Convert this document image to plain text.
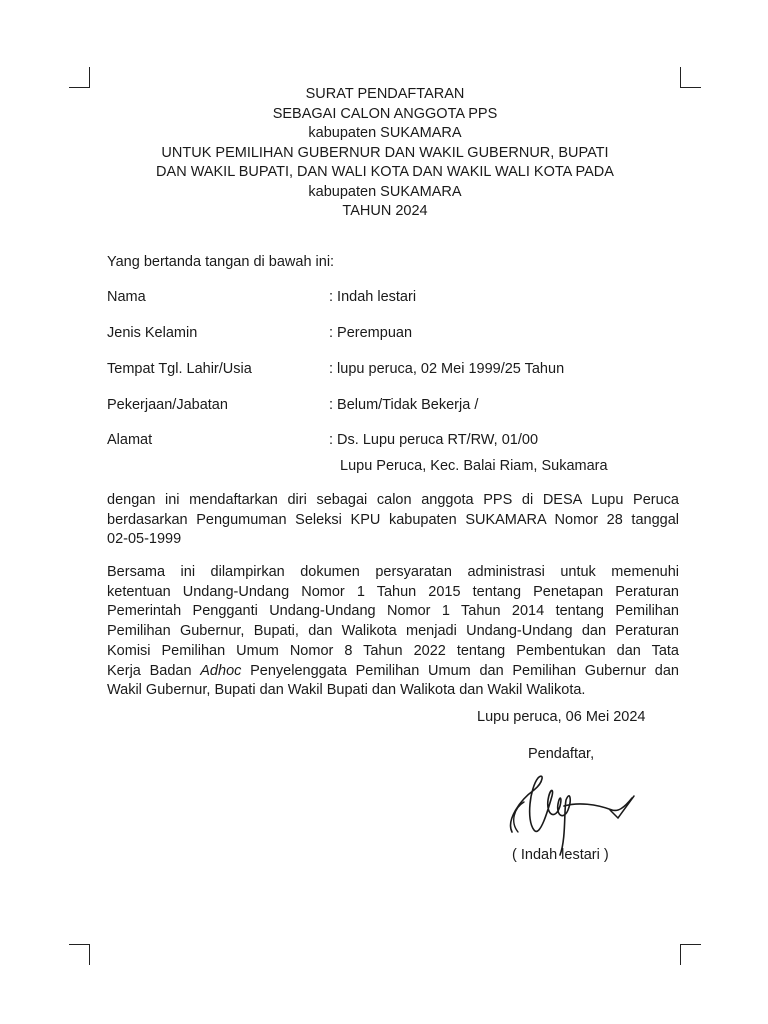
SURAT PENDAFTARAN
SEBAGAI CALON ANGGOTA PPS
kabupaten SUKAMARA
UNTUK PEMILIHAN GUBERNUR DAN WAKIL GUBERNUR, BUPATI
DAN WAKIL BUPATI, DAN WALI KOTA DAN WAKIL WALI KOTA PADA
kabupaten SUKAMARA
TAHUN 2024
Yang bertanda tangan di bawah ini:
Nama	: Indah lestari
Jenis Kelamin	: Perempuan
Tempat Tgl. Lahir/Usia	: lupu peruca, 02 Mei 1999/25 Tahun
Pekerjaan/Jabatan	: Belum/Tidak Bekerja /
Alamat	: Ds. Lupu peruca RT/RW, 01/00
Lupu Peruca, Kec. Balai Riam, Sukamara
dengan ini mendaftarkan diri sebagai calon anggota PPS di DESA Lupu Peruca
berdasarkan Pengumuman Seleksi KPU kabupaten SUKAMARA Nomor 28 tanggal
02-05-1999
Bersama ini dilampirkan dokumen persyaratan administrasi untuk memenuhi
ketentuan Undang-Undang Nomor 1 Tahun 2015 tentang Penetapan Peraturan
Pemerintah Pengganti Undang-Undang Nomor 1 Tahun 2014 tentang Pemilihan
Pemilihan Gubernur, Bupati, dan Walikota menjadi Undang-Undang dan Peraturan
Komisi Pemilihan Umum Nomor 8 Tahun 2022 tentang Pembentukan dan Tata
Kerja Badan Adhoc Penyelenggata Pemilihan Umum dan Pemilihan Gubernur dan
Wakil Gubernur, Bupati dan Wakil Bupati dan Walikota dan Wakil Walikota.
Lupu peruca, 06 Mei 2024
Pendaftar,
( Indah lestari )
